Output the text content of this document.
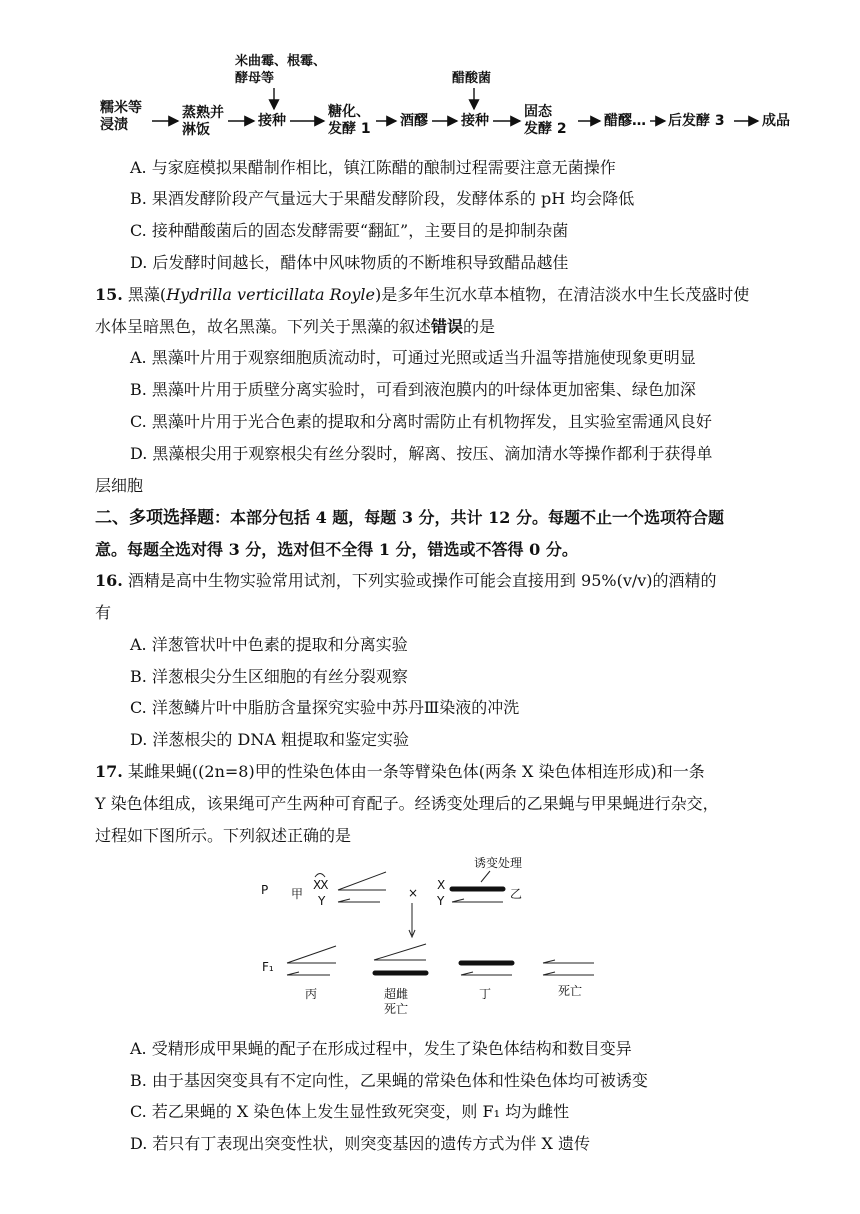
米曲霉、根霉、
酵母等	醋酸菌
糯米等
浸渍
蒸熟并
淋饭
接种
糖化、
发酵 1 酒醪 接种
固态
发酵 2	醋醪… 后发酵 3	成品
A. 与家庭模拟果醋制作相比，镇江陈醋的酿制过程需要注意无菌操作
B. 果酒发酵阶段产气量远大于果醋发酵阶段，发酵体系的 pH 均会降低
C. 接种醋酸菌后的固态发酵需要“翻缸”，主要目的是抑制杂菌
D. 后发酵时间越长，醋体中风味物质的不断堆积导致醋品越佳
15. 黑藻(Hydrilla verticillata Royle)是多年生沉水草本植物，在清洁淡水中生长茂盛时使
水体呈暗黑色，故名黑藻。下列关于黑藻的叙述错误的是
A. 黑藻叶片用于观察细胞质流动时，可通过光照或适当升温等措施使现象更明显
B. 黑藻叶片用于质壁分离实验时，可看到液泡膜内的叶绿体更加密集、绿色加深
C. 黑藻叶片用于光合色素的提取和分离时需防止有机物挥发，且实验室需通风良好
D. 黑藻根尖用于观察根尖有丝分裂时，解离、按压、滴加清水等操作都利于获得单
层细胞
二、多项选择题：本部分包括 4 题，每题 3 分，共计 12 分。每题不止一个选项符合题
意。每题全选对得 3 分，选对但不全得 1 分，错选或不答得 0 分。
16. 酒精是高中生物实验常用试剂，下列实验或操作可能会直接用到 95%(v/v)的酒精的
有
A. 洋葱管状叶中色素的提取和分离实验
B. 洋葱根尖分生区细胞的有丝分裂观察
C. 洋葱鳞片叶中脂肪含量探究实验中苏丹Ⅲ染液的冲洗
D. 洋葱根尖的 DNA 粗提取和鉴定实验
17. 某雌果蝇((2n=8)甲的性染色体由一条等臂染色体(两条 X 染色体相连形成)和一条
Y 染色体组成，该果绳可产生两种可育配子。经诱变处理后的乙果蝇与甲果蝇进行杂交，
过程如下图所示。下列叙述正确的是
P 甲
XX
Y
×
X
Y	乙
诱变处理
F₁
丙	超雌
死亡
丁	死亡
A. 受精形成甲果蝇的配子在形成过程中，发生了染色体结构和数目变异
B. 由于基因突变具有不定向性，乙果蝇的常染色体和性染色体均可被诱变
C. 若乙果蝇的 X 染色体上发生显性致死突变，则 F₁ 均为雌性
D. 若只有丁表现出突变性状，则突变基因的遗传方式为伴 X 遗传
